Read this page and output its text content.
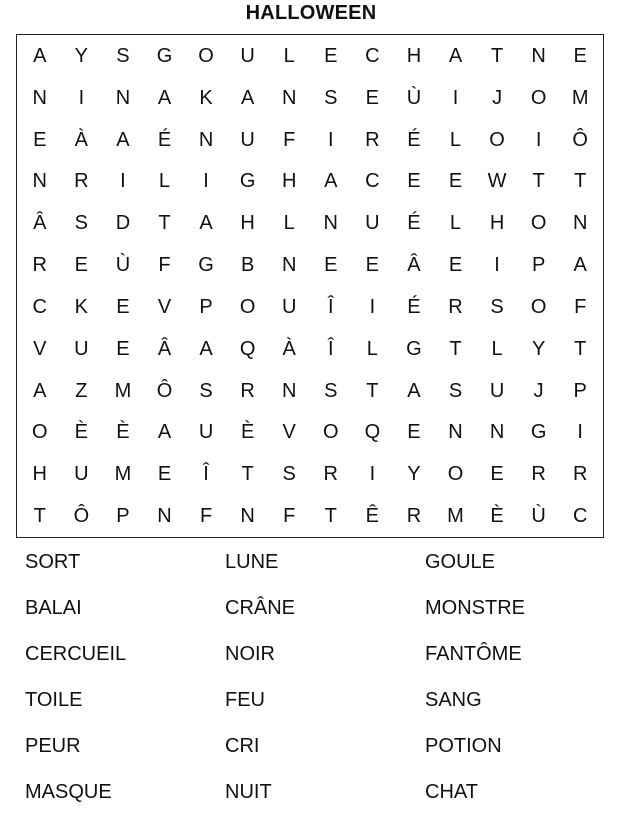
HALLOWEEN
A	Y	S	G	O	U	L	E	C	H	A	T	N	E
N	I	N	A	K	A	N	S	E	Ù	I	J	O	M
E	À	A	É	N	U	F	I	R	É	L	O	I	Ô
N	R	I	L	I	G	H	A	C	E	E	W	T	T
Â	S	D	T	A	H	L	N	U	É	L	H	O	N
R	E	Ù	F	G	B	N	E	E	Â	E	I	P	A
C	K	E	V	P	O	U	Î	I	É	R	S	O	F
V	U	E	Â	A	Q	À	Î	L	G	T	L	Y	T
A	Z	M	Ô	S	R	N	S	T	A	S	U	J	P
O	È	È	A	U	È	V	O	Q	E	N	N	G	I
H	U	M	E	Î	T	S	R	I	Y	O	E	R	R
T	Ô	P	N	F	N	F	T	Ê	R	M	È	Ù	C
SORT	LUNE	GOULE
BALAI	CRÂNE	MONSTRE
CERCUEIL	NOIR	FANTÔME
TOILE	FEU	SANG
PEUR	CRI	POTION
MASQUE	NUIT	CHAT
